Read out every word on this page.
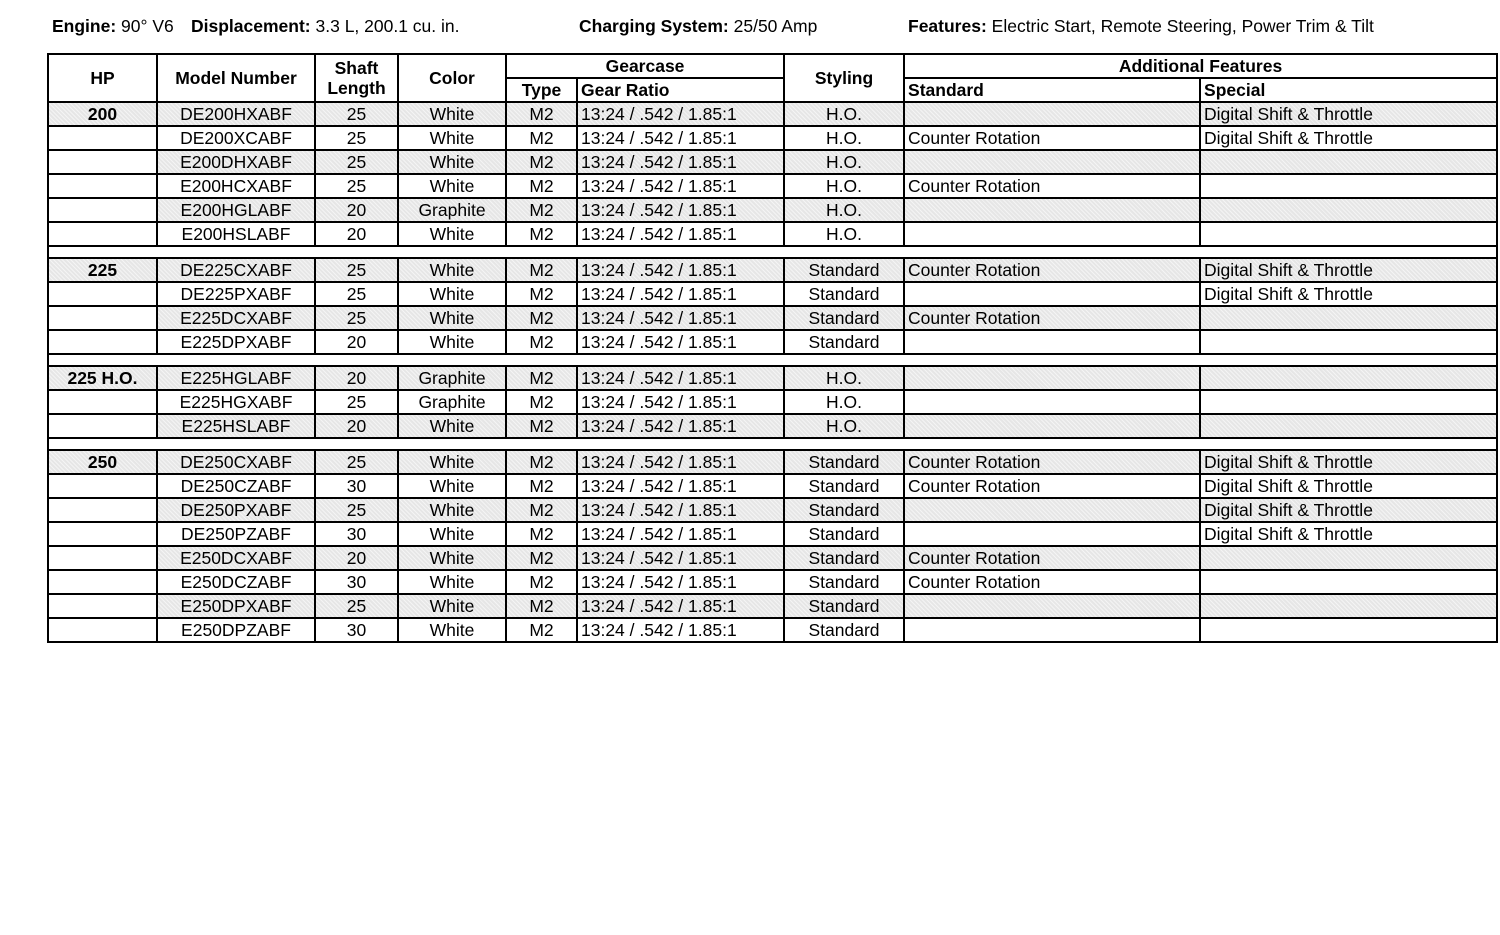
Engine: 90° V6 Displacement: 3.3 L, 200.1 cu. in.	Charging System: 25/50 Amp	Features: Electric Start, Remote Steering, Power Trim & Tilt
HP	Model Number	Shaft Length	Color	Gearcase		Styling	Additional Features	
				Type	Gear Ratio		Standard	Special
200	DE200HXABF	25	White	M2	13:24 / .542 / 1.85:1	H.O.		Digital Shift & Throttle
	DE200XCABF	25	White	M2	13:24 / .542 / 1.85:1	H.O.	Counter Rotation	Digital Shift & Throttle
	E200DHXABF	25	White	M2	13:24 / .542 / 1.85:1	H.O.		
	E200HCXABF	25	White	M2	13:24 / .542 / 1.85:1	H.O.	Counter Rotation	
	E200HGLABF	20	Graphite	M2	13:24 / .542 / 1.85:1	H.O.		
	E200HSLABF	20	White	M2	13:24 / .542 / 1.85:1	H.O.		

225	DE225CXABF	25	White	M2	13:24 / .542 / 1.85:1	Standard	Counter Rotation	Digital Shift & Throttle
	DE225PXABF	25	White	M2	13:24 / .542 / 1.85:1	Standard		Digital Shift & Throttle
	E225DCXABF	25	White	M2	13:24 / .542 / 1.85:1	Standard	Counter Rotation	
	E225DPXABF	20	White	M2	13:24 / .542 / 1.85:1	Standard		

225 H.O.	E225HGLABF	20	Graphite	M2	13:24 / .542 / 1.85:1	H.O.		
	E225HGXABF	25	Graphite	M2	13:24 / .542 / 1.85:1	H.O.		
	E225HSLABF	20	White	M2	13:24 / .542 / 1.85:1	H.O.		

250	DE250CXABF	25	White	M2	13:24 / .542 / 1.85:1	Standard	Counter Rotation	Digital Shift & Throttle
	DE250CZABF	30	White	M2	13:24 / .542 / 1.85:1	Standard	Counter Rotation	Digital Shift & Throttle
	DE250PXABF	25	White	M2	13:24 / .542 / 1.85:1	Standard		Digital Shift & Throttle
	DE250PZABF	30	White	M2	13:24 / .542 / 1.85:1	Standard		Digital Shift & Throttle
	E250DCXABF	20	White	M2	13:24 / .542 / 1.85:1	Standard	Counter Rotation	
	E250DCZABF	30	White	M2	13:24 / .542 / 1.85:1	Standard	Counter Rotation	
	E250DPXABF	25	White	M2	13:24 / .542 / 1.85:1	Standard		
	E250DPZABF	30	White	M2	13:24 / .542 / 1.85:1	Standard		
